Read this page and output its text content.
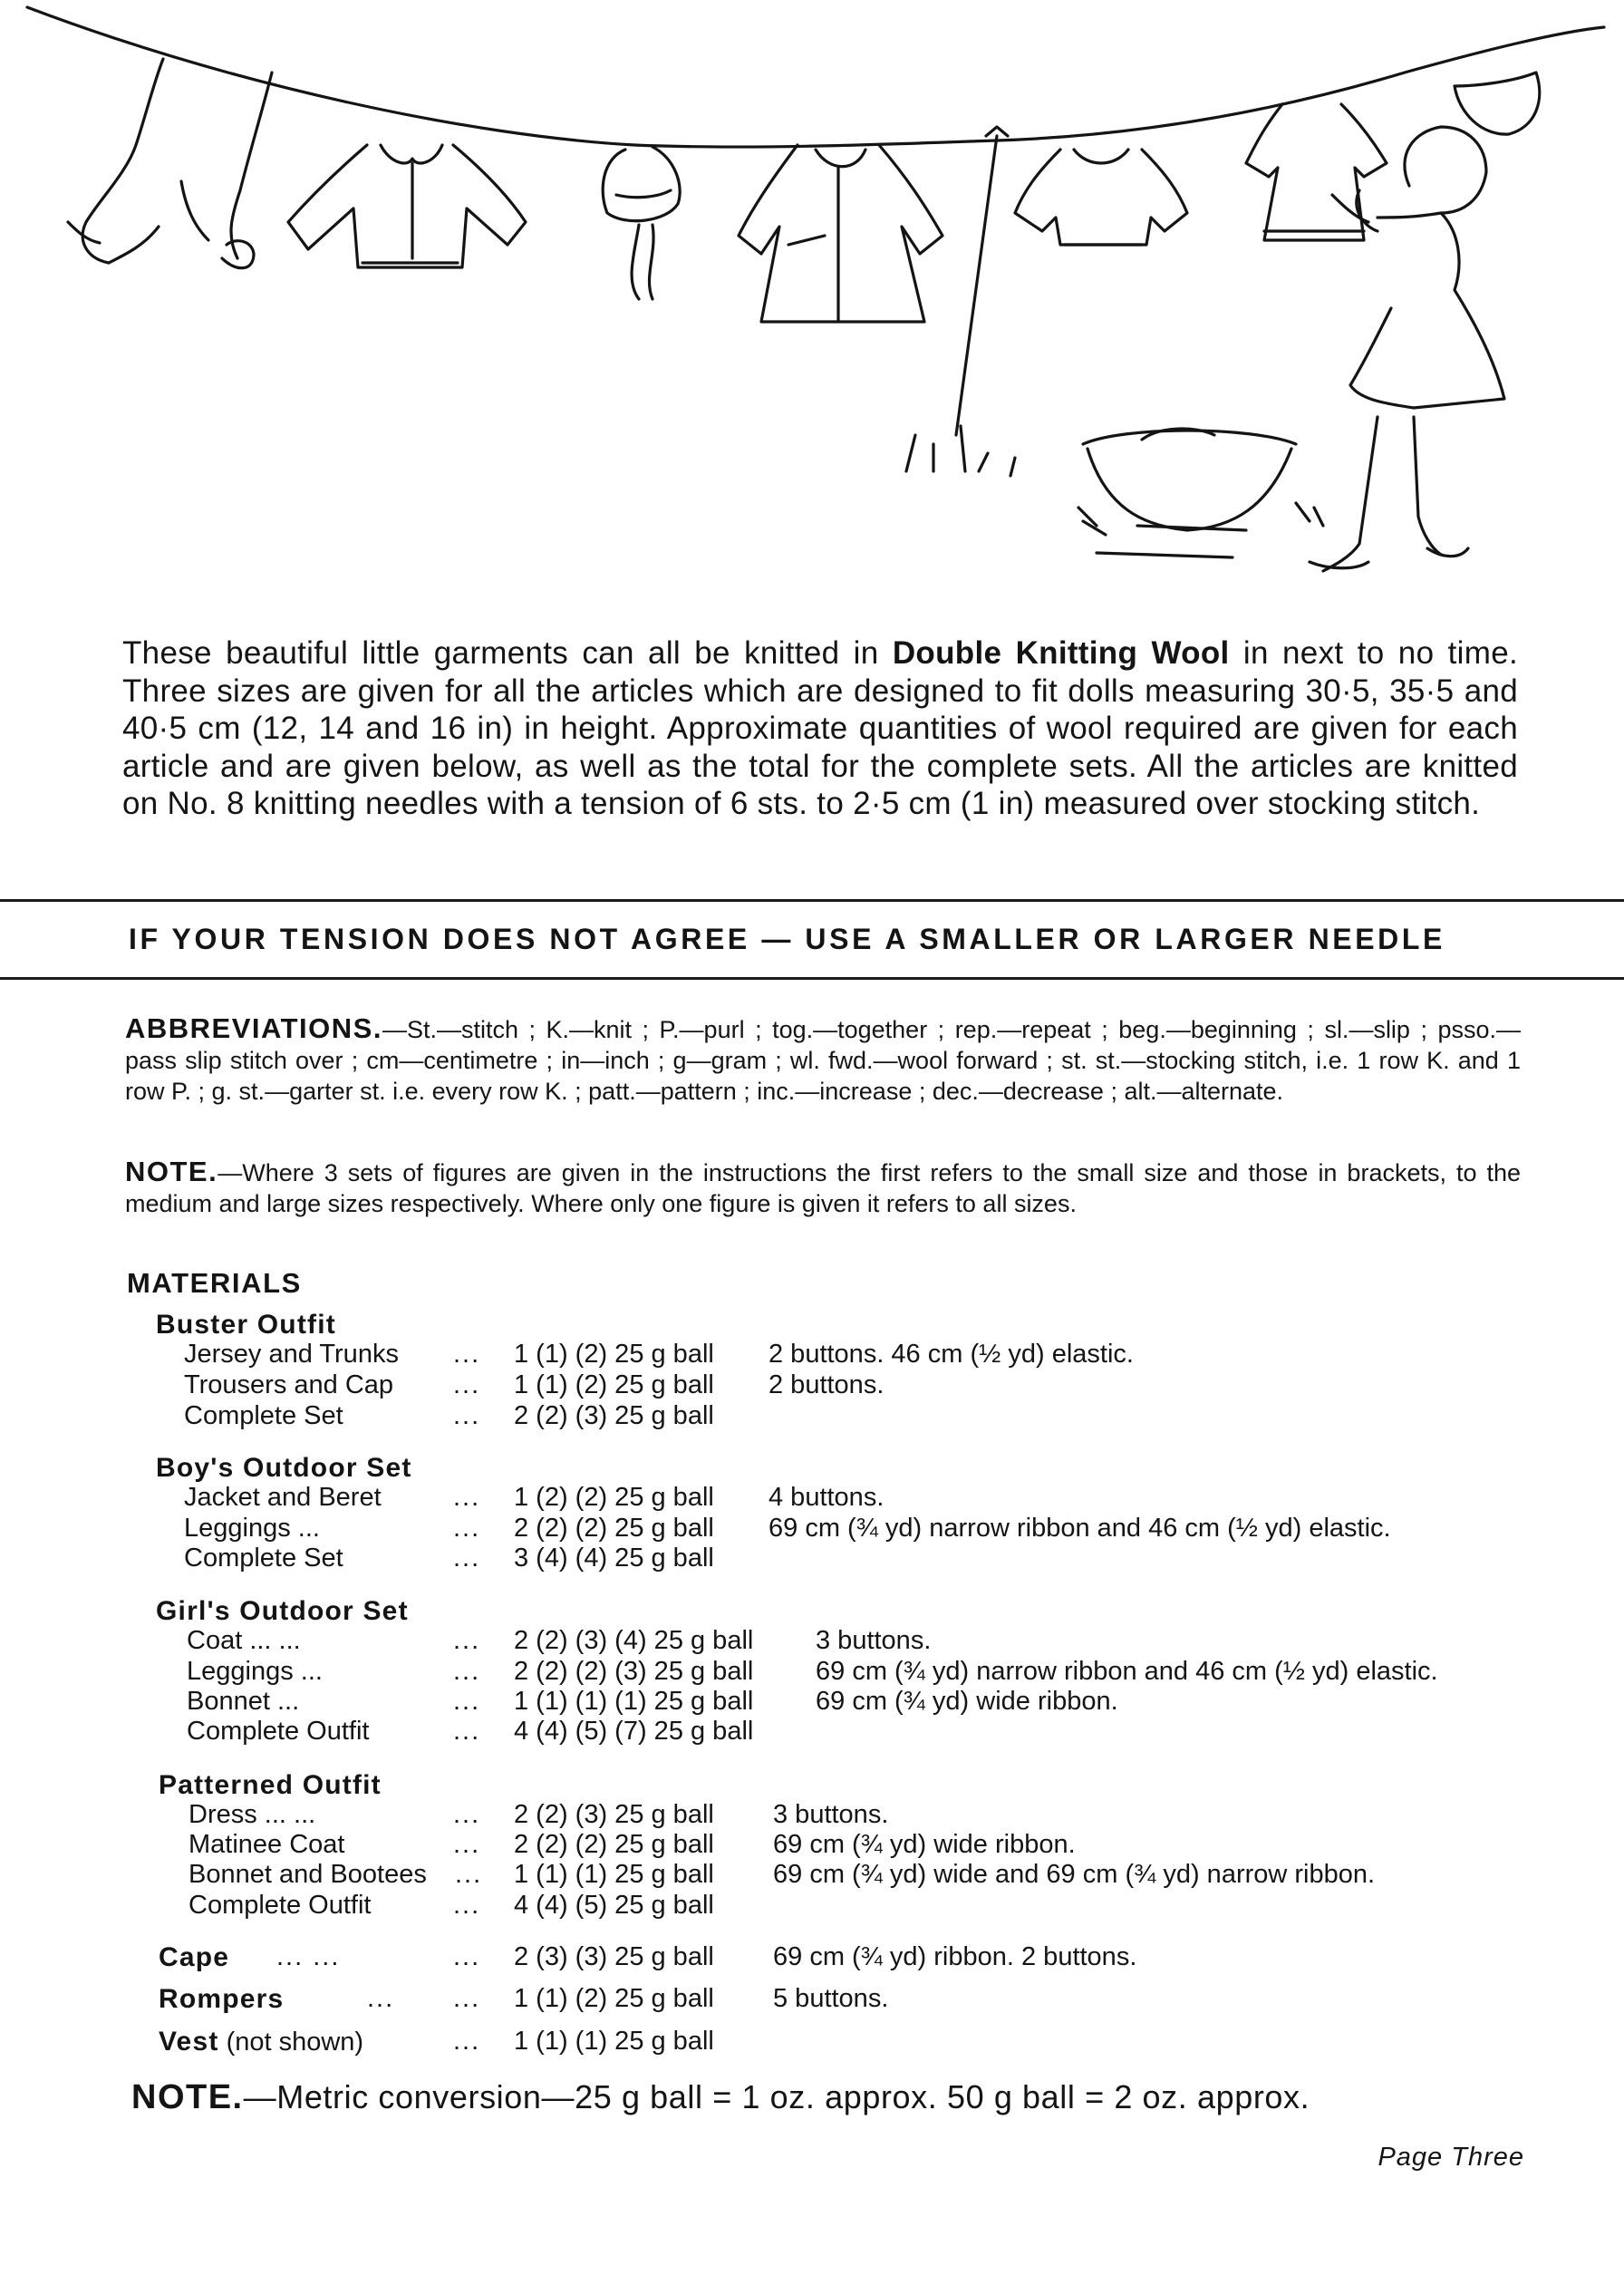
These beautiful little garments can all be knitted in Double Knitting Wool in next to no time. Three sizes are given for all the articles which are designed to fit dolls measuring 30·5, 35·5 and 40·5 cm (12, 14 and 16 in) in height. Approximate quantities of wool required are given for each article and are given below, as well as the total for the complete sets. All the articles are knitted on No. 8 knitting needles with a tension of 6 sts. to 2·5 cm (1 in) measured over stocking stitch.
IF YOUR TENSION DOES NOT AGREE — USE A SMALLER OR LARGER NEEDLE
ABBREVIATIONS.—St.—stitch ; K.—knit ; P.—purl ; tog.—together ; rep.—repeat ; beg.—beginning ; sl.—slip ; psso.—pass slip stitch over ; cm—centimetre ; in—inch ; g—gram ; wl. fwd.—wool forward ; st. st.—stocking stitch, i.e. 1 row K. and 1 row P. ; g. st.—garter st. i.e. every row K. ; patt.—pattern ; inc.—increase ; dec.—decrease ; alt.—alternate.
NOTE.—Where 3 sets of figures are given in the instructions the first refers to the small size and those in brackets, to the medium and large sizes respectively. Where only one figure is given it refers to all sizes.
MATERIALS
Buster Outfit
Jersey and Trunks ... 1 (1) (2) 25 g ball 2 buttons. 46 cm (½ yd) elastic.
Trousers and Cap ... 1 (1) (2) 25 g ball 2 buttons.
Complete Set	... 2 (2) (3) 25 g ball
Boy's Outdoor Set
Jacket and Beret	... 1 (2) (2) 25 g ball 4 buttons.
Leggings ...	... 2 (2) (2) 25 g ball 69 cm (¾ yd) narrow ribbon and 46 cm (½ yd) elastic.
Complete Set	... 3 (4) (4) 25 g ball
Girl's Outdoor Set
Coat ... ...	... 2 (2) (3) (4) 25 g ball 3 buttons.
Leggings ...	... 2 (2) (2) (3) 25 g ball 69 cm (¾ yd) narrow ribbon and 46 cm (½ yd) elastic.
Bonnet ...	... 1 (1) (1) (1) 25 g ball 69 cm (¾ yd) wide ribbon.
Complete Outfit	... 4 (4) (5) (7) 25 g ball
Patterned Outfit
Dress ... ...	... 2 (2) (3) 25 g ball 3 buttons.
Matinee Coat	... 2 (2) (2) 25 g ball 69 cm (¾ yd) wide ribbon.
Bonnet and Bootees ... 1 (1) (1) 25 g ball 69 cm (¾ yd) wide and 69 cm (¾ yd) narrow ribbon.
Complete Outfit	... 4 (4) (5) 25 g ball
Cape ... ...	... 2 (3) (3) 25 g ball 69 cm (¾ yd) ribbon. 2 buttons.
Rompers	... ... 1 (1) (2) 25 g ball 5 buttons.
Vest (not shown)	... 1 (1) (1) 25 g ball
NOTE.—Metric conversion—25 g ball = 1 oz. approx. 50 g ball = 2 oz. approx.
Page Three
